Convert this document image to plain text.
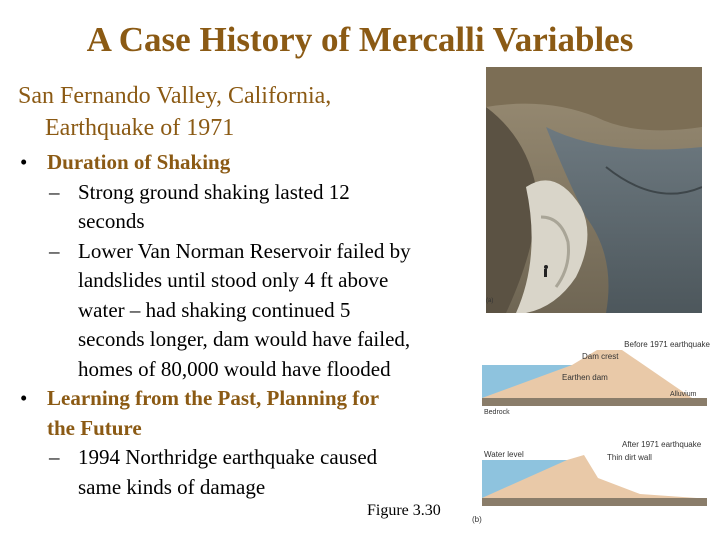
A Case History of Mercalli Variables
San Fernando Valley, California,
Earthquake of 1971
• Duration of Shaking
– Strong ground shaking lasted 12
seconds
– Lower Van Norman Reservoir failed by
landslides until stood only 4 ft above
water – had shaking continued 5
seconds longer, dam would have failed,
homes of 80,000 would have flooded
• Learning from the Past, Planning for
the Future
– 1994 Northridge earthquake caused
same kinds of damage
Figure 3.30
(a)
Before 1971 earthquake
Water level	Dam crest
Earthen dam
Alluvium
Bedrock
After 1971 earthquake
Water level	Thin dirt wall
(b)
